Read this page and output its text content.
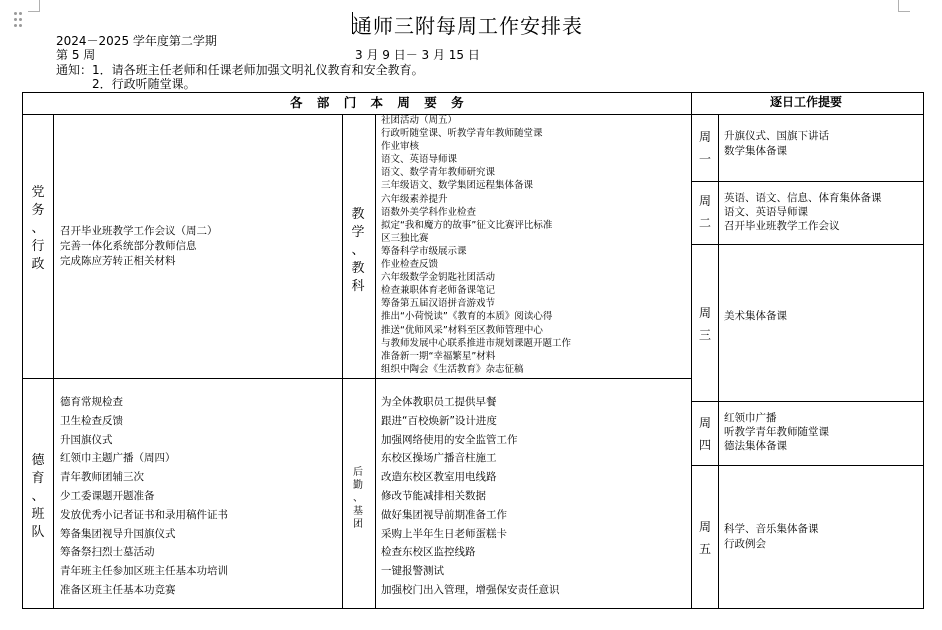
通师三附每周工作安排表
2024－2025 学年度第二学期
第 5 周	3 月 9 日－ 3 月 15 日
通知：1．请各班主任老师和任课老师加强文明礼仪教育和安全教育。
2．行政听随堂课。
各 部 门 本 周 要 务	逐日工作提要
党
务
、
行
政
教
学
、
教
科
德
育
、
班
队
后
勤
、
基
团
召开毕业班教学工作会议（周二）
完善一体化系统部分教师信息
完成陈应芳转正相关材料
社团活动（周五）
行政听随堂课、听教学青年教师随堂课
作业审核
语文、英语导师课
语文、数学青年教师研究课
三年级语文、数学集团远程集体备课
六年级素养提升
语数外美学科作业检查
拟定“我和魔方的故事”征文比赛评比标准
区三独比赛
筹备科学市级展示课
作业检查反馈
六年级数学金钥匙社团活动
检查兼职体育老师备课笔记
筹备第五届汉语拼音游戏节
推出“小荷悦读”《教育的本质》阅读心得
推送“优师风采”材料至区教师管理中心
与教师发展中心联系推进市规划课题开题工作
准备新一期“幸福繁星”材料
组织中陶会《生活教育》杂志征稿
德育常规检查
卫生检查反馈
升国旗仪式
红领巾主题广播（周四）
青年教师团辅三次
少工委课题开题准备
发放优秀小记者证书和录用稿件证书
筹备集团视导升国旗仪式
筹备祭扫烈士墓活动
青年班主任参加区班主任基本功培训
准备区班主任基本功竞赛
为全体教职员工提供早餐
跟进“百校焕新”设计进度
加强网络使用的安全监管工作
东校区操场广播音柱施工
改造东校区教室用电线路
修改节能减排相关数据
做好集团视导前期准备工作
采购上半年生日老师蛋糕卡
检查东校区监控线路
一键报警测试
加强校门出入管理，增强保安责任意识
周
一
升旗仪式、国旗下讲话
数学集体备课
周
二
英语、语文、信息、体育集体备课
语文、英语导师课
召开毕业班教学工作会议
周
三
美术集体备课
周
四
红领巾广播
听教学青年教师随堂课
德法集体备课
周
五
科学、音乐集体备课
行政例会
